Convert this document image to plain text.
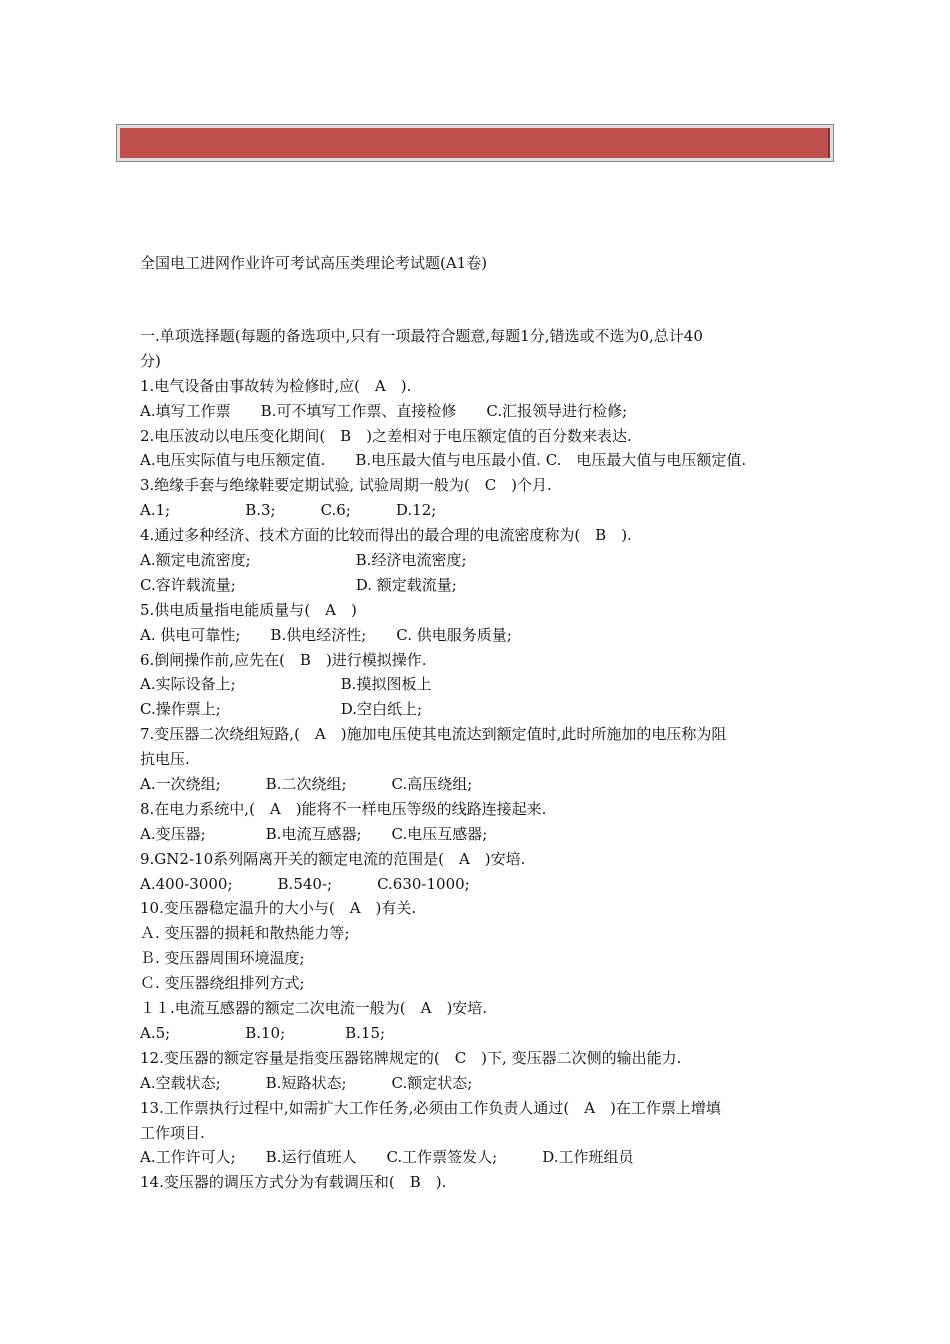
全国电工进网作业许可考试高压类理论考试题(A1卷)
一.单项选择题(每题的备选项中,只有一项最符合题意,每题1分,错选或不选为0,总计40
分)
1.电气设备由事故转为检修时,应(　A　).
A.填写工作票　　B.可不填写工作票、直接检修　　C.汇报领导进行检修;
2.电压波动以电压变化期间(　B　)之差相对于电压额定值的百分数来表达.
A.电压实际值与电压额定值.　　B.电压最大值与电压最小值. C.　电压最大值与电压额定值.
3.绝缘手套与绝缘鞋要定期试验, 试验周期一般为(　C　)个月.
A.1;　　　　　B.3;　　　C.6;　　　D.12;
4.通过多种经济、技术方面的比较而得出的最合理的电流密度称为(　B　).
A.额定电流密度;　　　　　　　B.经济电流密度;
C.容许载流量;　　　　　　　　D. 额定载流量;
5.供电质量指电能质量与(　A　)
A. 供电可靠性;　　B.供电经济性;　　C. 供电服务质量;
6.倒闸操作前,应先在(　B　)进行模拟操作.
A.实际设备上;　　　　　　　B.摸拟图板上
C.操作票上;　　　　　　　　D.空白纸上;
7.变压器二次绕组短路,(　A　)施加电压使其电流达到额定值时,此时所施加的电压称为阻
抗电压.
A.一次绕组;　　　B.二次绕组;　　　C.高压绕组;
8.在电力系统中,(　A　)能将不一样电压等级的线路连接起来.
A.变压器;　　　　B.电流互感器;　　C.电压互感器;
9.GN2-10系列隔离开关的额定电流的范围是(　A　)安培.
A.400-3000;　　　B.540-;　　　C.630-1000;
10.变压器稳定温升的大小与(　A　)有关.
Ａ. 变压器的损耗和散热能力等;
Ｂ. 变压器周围环境温度;
Ｃ. 变压器绕组排列方式;
１１.电流互感器的额定二次电流一般为(　A　)安培.
A.5;　　　　　B.10;　　　　B.15;
12.变压器的额定容量是指变压器铭牌规定的(　C　)下, 变压器二次侧的输出能力.
A.空载状态;　　　B.短路状态;　　　C.额定状态;
13.工作票执行过程中,如需扩大工作任务,必须由工作负责人通过(　A　)在工作票上增填
工作项目.
A.工作许可人;　　B.运行值班人　　C.工作票签发人;　　　D.工作班组员
14.变压器的调压方式分为有载调压和(　B　).
